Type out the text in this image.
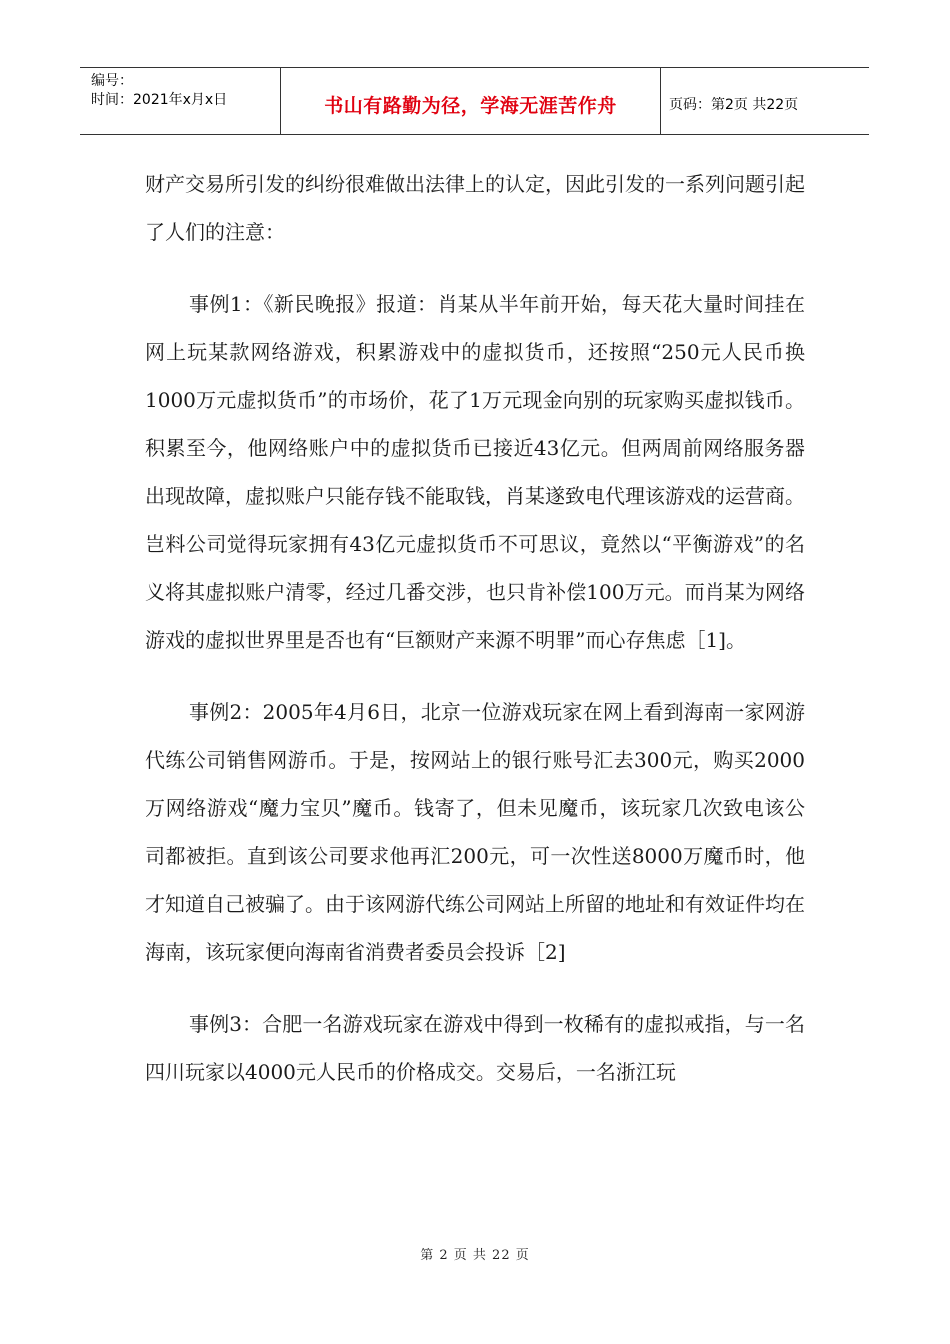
编号：
时间：2021年x月x日	书山有路勤为径，学海无涯苦作舟	页码：第2页 共22页

财产交易所引发的纠纷很难做出法律上的认定，因此引发的一系列问题引起了人们的注意：

事例1：《新民晚报》报道：肖某从半年前开始，每天花大量时间挂在网上玩某款网络游戏，积累游戏中的虚拟货币，还按照“250元人民币换1000万元虚拟货币”的市场价，花了1万元现金向别的玩家购买虚拟钱币。积累至今，他网络账户中的虚拟货币已接近43亿元。但两周前网络服务器出现故障，虚拟账户只能存钱不能取钱，肖某遂致电代理该游戏的运营商。岂料公司觉得玩家拥有43亿元虚拟货币不可思议，竟然以“平衡游戏”的名义将其虚拟账户清零，经过几番交涉，也只肯补偿100万元。而肖某为网络游戏的虚拟世界里是否也有“巨额财产来源不明罪”而心存焦虑［1]。

事例2：2005年4月6日，北京一位游戏玩家在网上看到海南一家网游代练公司销售网游币。于是，按网站上的银行账号汇去300元，购买2000万网络游戏“魔力宝贝”魔币。钱寄了，但未见魔币，该玩家几次致电该公司都被拒。直到该公司要求他再汇200元，可一次性送8000万魔币时，他才知道自己被骗了。由于该网游代练公司网站上所留的地址和有效证件均在海南，该玩家便向海南省消费者委员会投诉［2]

事例3：合肥一名游戏玩家在游戏中得到一枚稀有的虚拟戒指，与一名四川玩家以4000元人民币的价格成交。交易后，一名浙江玩

第 2 页 共 22 页
